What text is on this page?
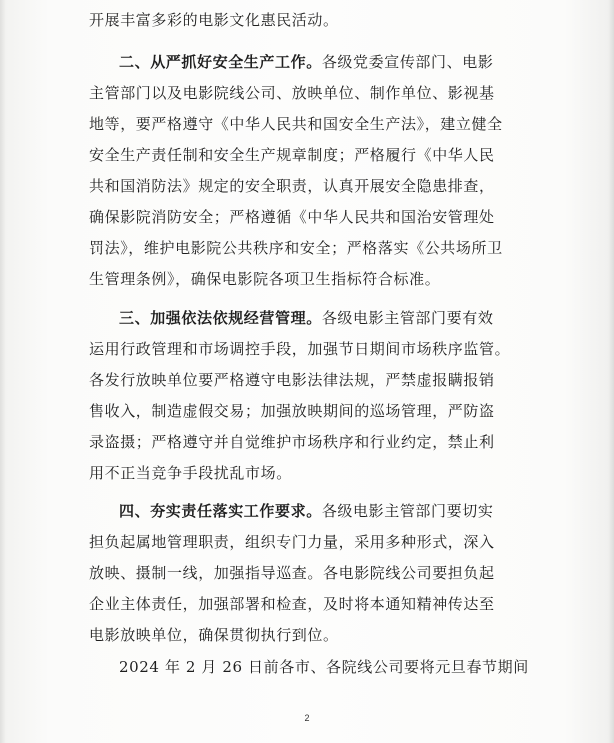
开展丰富多彩的电影文化惠民活动。
二、从严抓好安全生产工作。各级党委宣传部门、电影
主管部门以及电影院线公司、放映单位、制作单位、影视基
地等，要严格遵守《中华人民共和国安全生产法》，建立健全
安全生产责任制和安全生产规章制度；严格履行《中华人民
共和国消防法》规定的安全职责，认真开展安全隐患排查，
确保影院消防安全；严格遵循《中华人民共和国治安管理处
罚法》，维护电影院公共秩序和安全；严格落实《公共场所卫
生管理条例》，确保电影院各项卫生指标符合标准。
三、加强依法依规经营管理。各级电影主管部门要有效
运用行政管理和市场调控手段，加强节日期间市场秩序监管。
各发行放映单位要严格遵守电影法律法规，严禁虚报瞒报销
售收入，制造虚假交易；加强放映期间的巡场管理，严防盗
录盗摄；严格遵守并自觉维护市场秩序和行业约定，禁止利
用不正当竞争手段扰乱市场。
四、夯实责任落实工作要求。各级电影主管部门要切实
担负起属地管理职责，组织专门力量，采用多种形式，深入
放映、摄制一线，加强指导巡查。各电影院线公司要担负起
企业主体责任，加强部署和检查，及时将本通知精神传达至
电影放映单位，确保贯彻执行到位。
2024 年 2 月 26 日前各市、各院线公司要将元旦春节期间
2
